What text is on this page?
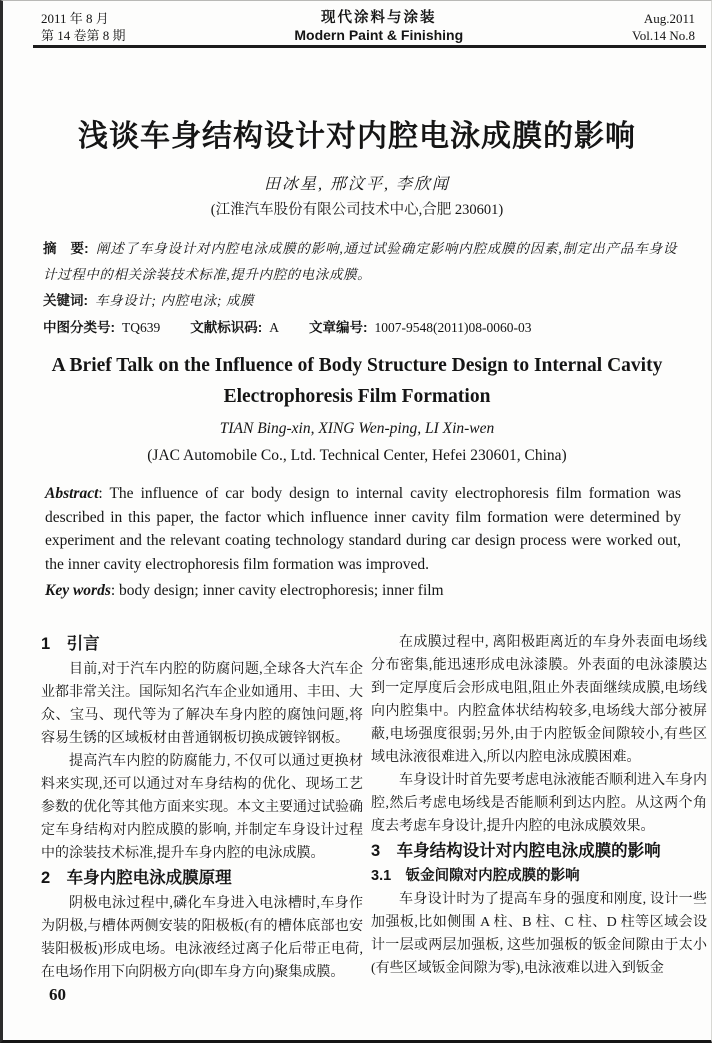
2011 年 8 月
第 14 卷第 8 期
现代涂料与涂装
Modern Paint & Finishing
Aug.2011
Vol.14 No.8
浅谈车身结构设计对内腔电泳成膜的影响
田冰星, 邢汶平, 李欣闻
(江淮汽车股份有限公司技术中心,合肥 230601)
摘　要: 阐述了车身设计对内腔电泳成膜的影响,通过试验确定影响内腔成膜的因素,制定出产品车身设计过程中的相关涂装技术标准,提升内腔的电泳成膜。
关键词: 车身设计; 内腔电泳; 成膜
中图分类号: TQ639 文献标识码: A 文章编号: 1007-9548(2011)08-0060-03
A Brief Talk on the Influence of Body Structure Design to Internal Cavity
Electrophoresis Film Formation
TIAN Bing-xin, XING Wen-ping, LI Xin-wen
(JAC Automobile Co., Ltd. Technical Center, Hefei 230601, China)

Abstract: The influence of car body design to internal cavity electrophoresis film formation was described in this paper, the factor which influence inner cavity film formation were determined by experiment and the relevant coating technology standard during car design process were worked out, the inner cavity electrophoresis film formation was improved.

Key words: body design; inner cavity electrophoresis; inner film

1　引言

目前,对于汽车内腔的防腐问题,全球各大汽车企业都非常关注。国际知名汽车企业如通用、丰田、大众、宝马、现代等为了解决车身内腔的腐蚀问题,将容易生锈的区域板材由普通钢板切换成镀锌钢板。

提高汽车内腔的防腐能力, 不仅可以通过更换材料来实现,还可以通过对车身结构的优化、现场工艺参数的优化等其他方面来实现。本文主要通过试验确定车身结构对内腔成膜的影响, 并制定车身设计过程中的涂装技术标准,提升车身内腔的电泳成膜。

2　车身内腔电泳成膜原理

阴极电泳过程中,磷化车身进入电泳槽时,车身作为阴极,与槽体两侧安装的阳极板(有的槽体底部也安装阳极板)形成电场。电泳液经过离子化后带正电荷,在电场作用下向阴极方向(即车身方向)聚集成膜。

在成膜过程中, 离阳极距离近的车身外表面电场线分布密集,能迅速形成电泳漆膜。外表面的电泳漆膜达到一定厚度后会形成电阻,阻止外表面继续成膜,电场线向内腔集中。内腔盒体状结构较多,电场线大部分被屏蔽,电场强度很弱;另外,由于内腔钣金间隙较小,有些区域电泳液很难进入,所以内腔电泳成膜困难。

车身设计时首先要考虑电泳液能否顺利进入车身内腔,然后考虑电场线是否能顺利到达内腔。从这两个角度去考虑车身设计,提升内腔的电泳成膜效果。

3　车身结构设计对内腔电泳成膜的影响
3.1　钣金间隙对内腔成膜的影响

车身设计时为了提高车身的强度和刚度, 设计一些加强板,比如侧围 A 柱、B 柱、C 柱、D 柱等区域会设计一层或两层加强板, 这些加强板的钣金间隙由于太小(有些区域钣金间隙为零),电泳液难以进入到钣金

60
